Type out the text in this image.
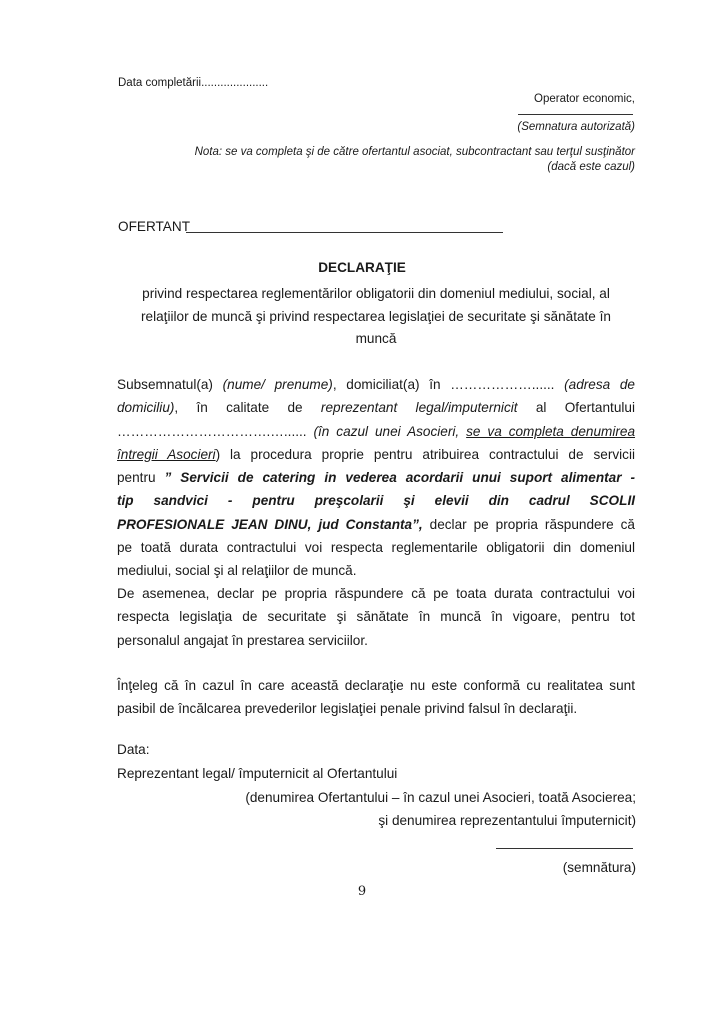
Data completării.....................
Operator economic,
(Semnatura autorizată)
Nota: se va completa şi de către ofertantul asociat, subcontractant sau terţul susţinător
(dacă este cazul)
OFERTANT
DECLARAŢIE
privind respectarea reglementărilor obligatorii din domeniul mediului, social, al
relaţiilor de muncă şi privind respectarea legislaţiei de securitate şi sănătate în
muncă
Subsemnatul(a) (nume/ prenume), domiciliat(a) în ………………...... (adresa de
domiciliu), în calitate de reprezentant legal/imputernicit al Ofertantului
…………………………….…...... (în cazul unei Asocieri, se va completa denumirea
întregii Asocieri) la procedura proprie pentru atribuirea contractului de servicii
pentru ” Servicii de catering in vederea acordarii unui suport alimentar -
tip sandvici - pentru preşcolarii şi elevii din cadrul SCOLII
PROFESIONALE JEAN DINU, jud Constanta”, declar pe propria răspundere că
pe toată durata contractului voi respecta reglementarile obligatorii din domeniul
mediului, social şi al relaţiilor de muncă.
De asemenea, declar pe propria răspundere că pe toata durata contractului voi
respecta legislaţia de securitate şi sănătate în muncă în vigoare, pentru tot
personalul angajat în prestarea serviciilor.
Înţeleg că în cazul în care această declaraţie nu este conformă cu realitatea sunt
pasibil de încălcarea prevederilor legislaţiei penale privind falsul în declaraţii.
Data:
Reprezentant legal/ împuternicit al Ofertantului
(denumirea Ofertantului – în cazul unei Asocieri, toată Asocierea;
şi denumirea reprezentantului împuternicit)
(semnătura)
9
